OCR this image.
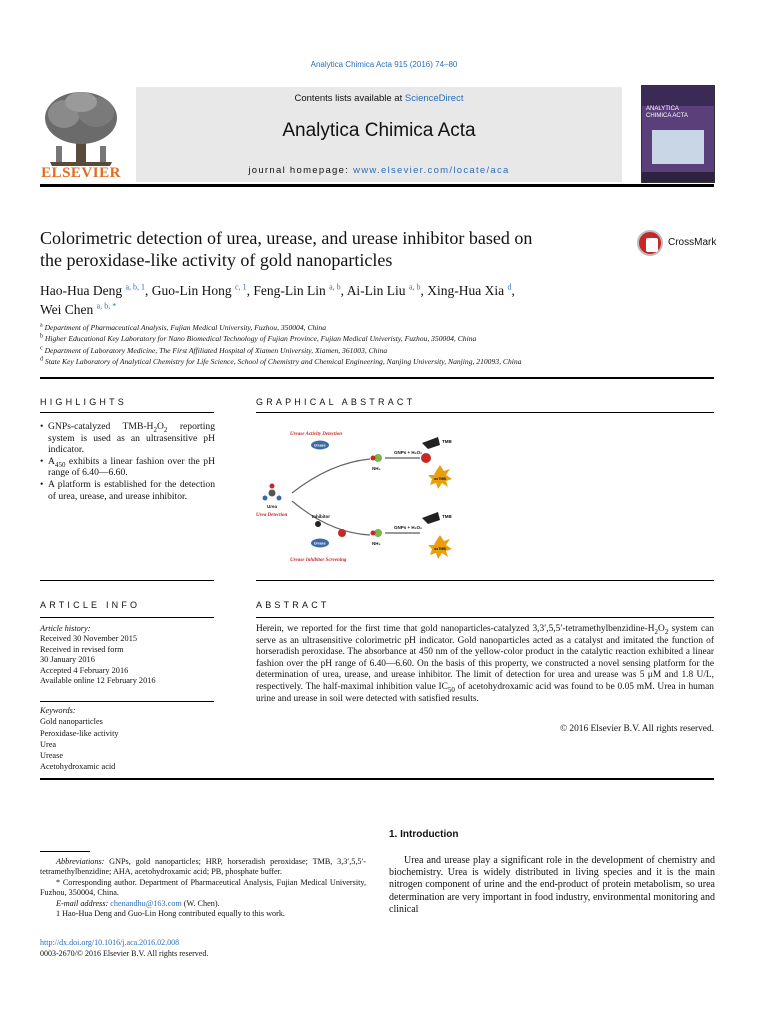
Analytica Chimica Acta 915 (2016) 74–80
ELSEVIER
Contents lists available at ScienceDirect
Analytica Chimica Acta
journal homepage: www.elsevier.com/locate/aca
ANALYTICA
CHIMICA ACTA
Colorimetric detection of urea, urease, and urease inhibitor based on
the peroxidase-like activity of gold nanoparticles
CrossMark
Hao-Hua Deng $^{a, b, 1}$, Guo-Lin Hong $^{c, 1}$, Feng-Lin Lin $^{a, b}$, Ai-Lin Liu $^{a, b}$, Xing-Hua Xia $^d$,
Wei Chen $^{a, b, *}$
$^a$ Department of Pharmaceutical Analysis, Fujian Medical University, Fuzhou, 350004, China
$^b$ Higher Educational Key Laboratory for Nano Biomedical Technology of Fujian Province, Fujian Medical Univeristy, Fuzhou, 350004, China
$^c$ Department of Laboratory Medicine, The First Affiliated Hospital of Xiamen University, Xiamen, 361003, China
$^d$ State Key Laboratory of Analytical Chemistry for Life Science, School of Chemistry and Chemical Engineering, Nanjing University, Nanjing, 210093, China
HIGHLIGHTS	GRAPHICAL ABSTRACT
• GNPs-catalyzed TMB-$H_2O_2$ reporting system is used as an ultrasensitive pH indicator.
• $A_{450}$ exhibits a linear fashion over the pH range of 6.40—6.60.
• A platform is established for the detection of urea, urease, and urease inhibitor.
Urease Activity Detection
Urease
NH₃
GNPs + H₂O₂
TMB
oxTMB
Urea
Urea Detection	Inhibitor
Urease	NH₃
GNPs + H₂O₂
TMB
oxTMB
Urease Inhibitor Screening
ARTICLE INFO	ABSTRACT
Article history:
Received 30 November 2015
Received in revised form
30 January 2016
Accepted 4 February 2016
Available online 12 February 2016
Keywords:
Gold nanoparticles
Peroxidase-like activity
Urea
Urease
Acetohydroxamic acid
Herein, we reported for the first time that gold nanoparticles-catalyzed $3,3',5,5'-tetramethylbenzidine-H_2O_2$ system can serve as an ultrasensitive colorimetric pH indicator. Gold nanoparticles acted as a catalyst and imitated the function of horseradish peroxidase. The absorbance at 450 nm of the yellow-color product in the catalytic reaction exhibited a linear fashion over the pH range of 6.40—6.60. On the basis of this property, we constructed a novel sensing platform for the determination of urea, urease, and urease inhibitor. The limit of detection for urea and urease was 5 μM and 1.8 U/L, respectively. The half-maximal inhibition value $IC_{50}$ of acetohydroxamic acid was found to be 0.05 mM. Urea in human urine and urease in soil were detected with satisfied results.
© 2016 Elsevier B.V. All rights reserved.
1. Introduction

Urea and urease play a significant role in the development of chemistry and biochemistry. Urea is widely distributed in living species and it is the main nitrogen component of urine and the end-product of protein metabolism, so urea determination are very important in food industry, environmental monitoring and clinical

Abbreviations: GNPs, gold nanoparticles; HRP, horseradish peroxidase; TMB, 3,3′,5,5′-tetramethylbenzidine; AHA, acetohydroxamic acid; PB, phosphate buffer.
* Corresponding author. Department of Pharmaceutical Analysis, Fujian Medical University, Fuzhou, 350004, China.
E-mail address: chenandhu@163.com (W. Chen).
1 Hao-Hua Deng and Guo-Lin Hong contributed equally to this work.
http://dx.doi.org/10.1016/j.aca.2016.02.008
0003-2670/© 2016 Elsevier B.V. All rights reserved.
